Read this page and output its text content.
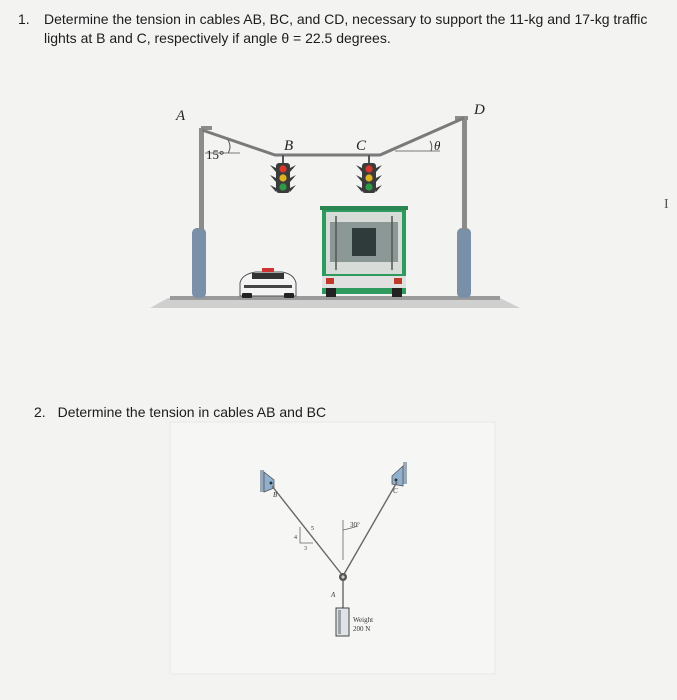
1. Determine the tension in cables AB, BC, and CD, necessary to support the 11-kg and 17-kg traffic lights at B and C, respectively if angle θ = 22.5 degrees.
2. Determine the tension in cables AB and BC
A
B	C
D
15°
θ
I
B	C
A
30°
5
4
3
Weight
200 N
